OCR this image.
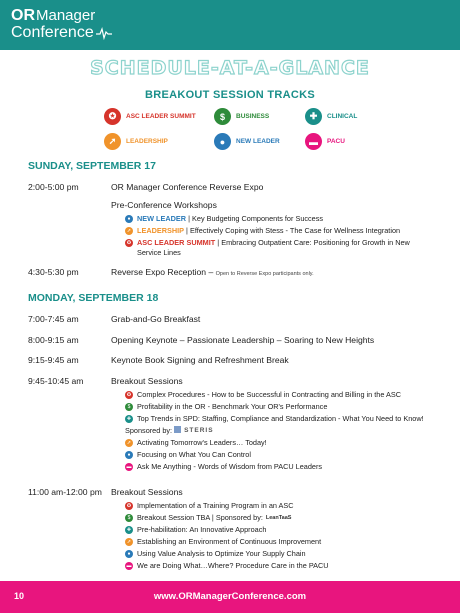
OR Manager
Conference
SCHEDULE-AT-A-GLANCE
BREAKOUT SESSION TRACKS
✪	ASC LEADER SUMMIT	$	BUSINESS	✚	CLINICAL
➚	LEADERSHIP	●	NEW LEADER	▬	PACU
SUNDAY, SEPTEMBER 17
2:00-5:00 pm	OR Manager Conference Reverse Expo
Pre-Conference Workshops
● NEW LEADER | Key Budgeting Components for Success
➚ LEADERSHIP | Effectively Coping with Stess - The Case for Wellness Integration
✪ ASC LEADER SUMMIT | Embracing Outpatient Care: Positioning for Growth in New
Service Lines
4:30-5:30 pm	Reverse Expo Reception – Open to Reverse Expo participants only.
MONDAY, SEPTEMBER 18
7:00-7:45 am	Grab-and-Go Breakfast
8:00-9:15 am	Opening Keynote – Passionate Leadership – Soaring to New Heights
9:15-9:45 am	Keynote Book Signing and Refreshment Break
9:45-10:45 am	Breakout Sessions
✪ Complex Procedures - How to be Successful in Contracting and Billing in the ASC
$ Profitability in the OR - Benchmark Your OR's Performance
✚ Top Trends in SPD: Staffing, Compliance and Standardization - What You Need to Know!
Sponsored by: STERIS
➚ Activating Tomorrow's Leaders… Today!
● Focusing on What You Can Control
▬ Ask Me Anything - Words of Wisdom from PACU Leaders
11:00 am-12:00 pm Breakout Sessions
✪ Implementation of a Training Program in an ASC
$ Breakout Session TBA | Sponsored by: LeanTaaS
✚ Pre-habilitation: An Innovative Approach
➚ Establishing an Environment of Continuous Improvement
● Using Value Analysis to Optimize Your Supply Chain
▬ We are Doing What…Where? Procedure Care in the PACU
10	www.ORManagerConference.com
